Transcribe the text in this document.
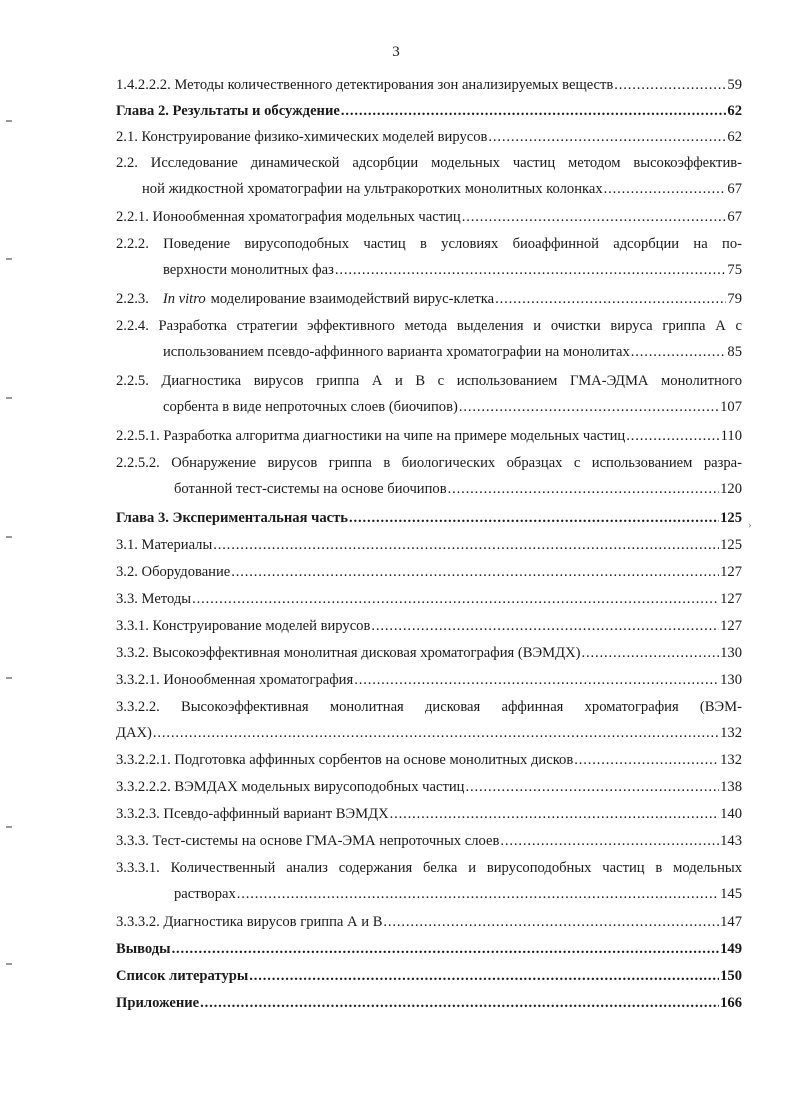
3
›
1.4.2.2.2. Методы количественного детектирования зон анализируемых веществ . . .	59
Глава 2. Результаты и обсуждение . . .	62
2.1. Конструирование физико-химических моделей вирусов . . .	62
2.2. Исследование динамической адсорбции модельных частиц методом высокоэффектив-
ной жидкостной хроматографии на ультракоротких монолитных колонках . . .	67
2.2.1. Ионообменная хроматография модельных частиц . . .	67
2.2.2. Поведение вирусоподобных частиц в условиях биоаффинной адсорбции на по-
верхности монолитных фаз . . .	75
2.2.3. In vitro моделирование взаимодействий вирус-клетка . . .	79
2.2.4. Разработка стратегии эффективного метода выделения и очистки вируса гриппа А с
использованием псевдо-аффинного варианта хроматографии на монолитах . . .	85
2.2.5. Диагностика вирусов гриппа А и В с использованием ГМА-ЭДМА монолитного
сорбента в виде непроточных слоев (биочипов) . . .	107
2.2.5.1. Разработка алгоритма диагностики на чипе на примере модельных частиц . . .	110
2.2.5.2. Обнаружение вирусов гриппа в биологических образцах с использованием разра-
ботанной тест-системы на основе биочипов . . .	120
Глава 3. Экспериментальная часть . . .	125
3.1. Материалы . . .	125
3.2. Оборудование . . .	127
3.3. Методы . . .	127
3.3.1. Конструирование моделей вирусов . . .	127
3.3.2. Высокоэффективная монолитная дисковая хроматография (ВЭМДХ) . . .	130
3.3.2.1. Ионообменная хроматография . . .	130
3.3.2.2. Высокоэффективная монолитная дисковая аффинная хроматография (ВЭМ-
ДАХ) . . .	132
3.3.2.2.1. Подготовка аффинных сорбентов на основе монолитных дисков . . .	132
3.3.2.2.2. ВЭМДАХ модельных вирусоподобных частиц . . .	138
3.3.2.3. Псевдо-аффинный вариант ВЭМДХ . . .	140
3.3.3. Тест-системы на основе ГМА-ЭМА непроточных слоев . . .	143
3.3.3.1. Количественный анализ содержания белка и вирусоподобных частиц в модельных
растворах . . .	145
3.3.3.2. Диагностика вирусов гриппа А и В . . .	147
Выводы . . .	149
Список литературы . . .	150
Приложение . . .	166
